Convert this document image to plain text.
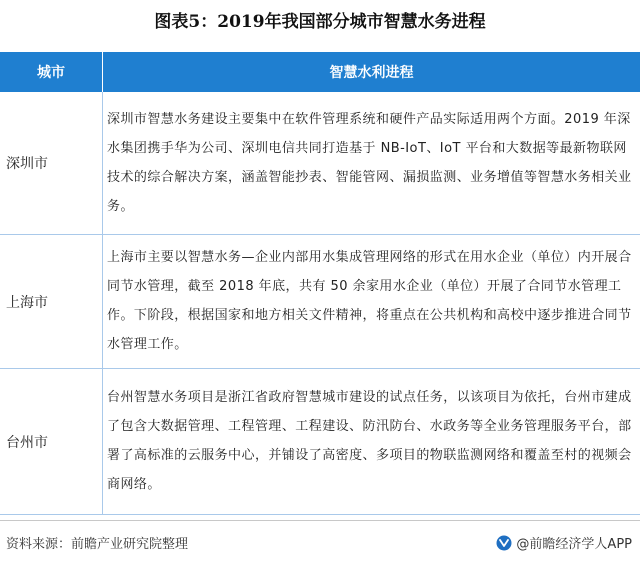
图表5：2019年我国部分城市智慧水务进程
城市	智慧水利进程
深圳市	深圳市智慧水务建设主要集中在软件管理系统和硬件产品实际适用两个方面。2019 年深水集团携手华为公司、深圳电信共同打造基于 NB-IoT、IoT 平台和大数据等最新物联网技术的综合解决方案，涵盖智能抄表、智能管网、漏损监测、业务增值等智慧水务相关业务。
上海市	上海市主要以智慧水务—企业内部用水集成管理网络的形式在用水企业（单位）内开展合同节水管理，截至 2018 年底，共有 50 余家用水企业（单位）开展了合同节水管理工作。下阶段，根据国家和地方相关文件精神，将重点在公共机构和高校中逐步推进合同节水管理工作。
台州市	台州智慧水务项目是浙江省政府智慧城市建设的试点任务，以该项目为依托，台州市建成了包含大数据管理、工程管理、工程建设、防汛防台、水政务等全业务管理服务平台，部署了高标准的云服务中心，并铺设了高密度、多项目的物联监测网络和覆盖至村的视频会商网络。
资料来源：前瞻产业研究院整理	@前瞻经济学人APP
